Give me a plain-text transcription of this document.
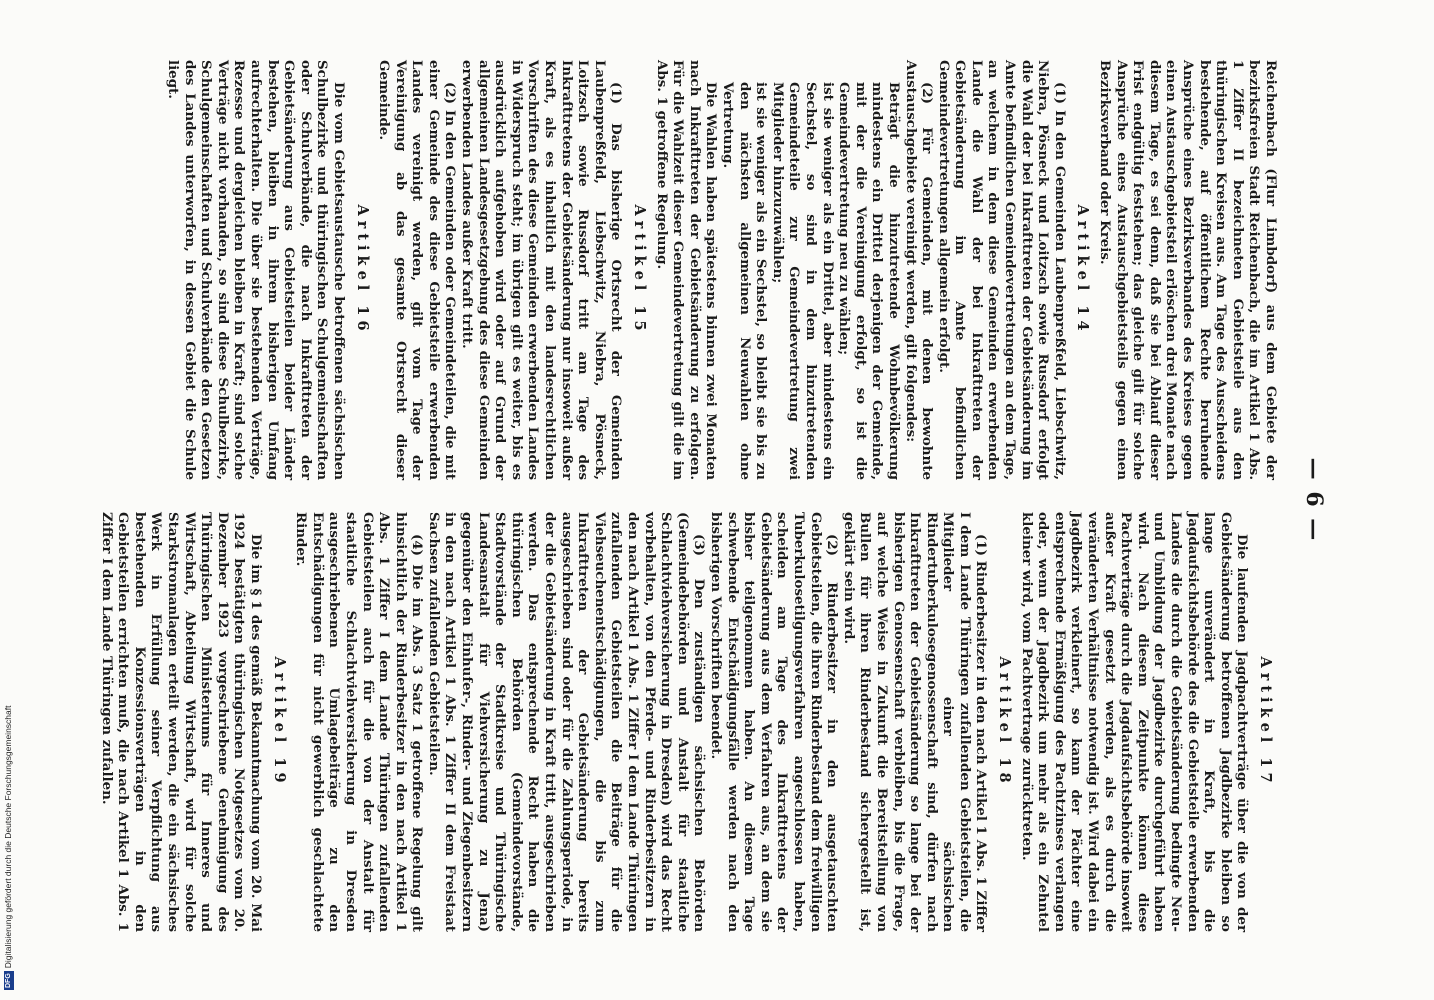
— 6 —

Reichenbach (Flur Limbdorf) aus dem Gebiete der bezirksfreien Stadt Reichenbach, die im Artikel 1 Abs. 1 Ziffer II bezeichneten Gebietsteile aus den thüringischen Kreisen aus. Am Tage des Ausscheidens bestehende, auf öffentlichem Rechte beruhende Ansprüche eines Bezirksverbandes des Kreises gegen einen Austauschgebietsteil erlöschen drei Monate nach diesem Tage, es sei denn, daß sie bei Ablauf dieser Frist endgültig feststehen; das gleiche gilt für solche Ansprüche eines Austauschgebietsteils gegen einen Bezirksverband oder Kreis.

Artikel 14

(1) In den Gemeinden Laubenpreßfeld, Liebschwitz, Niebra, Pösneck und Loitzsch sowie Russdorf erfolgt die Wahl der bei Inkrafttreten der Gebietsänderung im Amte befindlichen Gemeindevertretungen an dem Tage, an welchem in dem diese Gemeinden erwerbenden Lande die Wahl der bei Inkrafttreten der Gebietsänderung im Amte befindlichen Gemeindevertretungen allgemein erfolgt.

(2) Für Gemeinden, mit denen bewohnte Austauschgebiete vereinigt werden, gilt folgendes:

Beträgt die hinzutretende Wohnbevölkerung mindestens ein Drittel derjenigen der Gemeinde, mit der die Vereinigung erfolgt, so ist die Gemeindevertretung neu zu wählen;

ist sie weniger als ein Drittel, aber mindestens ein Sechstel, so sind in dem hinzutretenden Gemeindeteile zur Gemeindevertretung zwei Mitglieder hinzuzuwählen;

ist sie weniger als ein Sechstel, so bleibt sie bis zu den nächsten allgemeinen Neuwahlen ohne Vertretung.

Die Wahlen haben spätestens binnen zwei Monaten nach Inkrafttreten der Gebietsänderung zu erfolgen. Für die Wahlzeit dieser Gemeindevertretung gilt die im Abs. 1 getroffene Regelung.

Artikel 15

(1) Das bisherige Ortsrecht der Gemeinden Laubenpreßfeld, Liebschwitz, Niebra, Pösneck, Loitzsch sowie Russdorf tritt am Tage des Inkrafttretens der Gebietsänderung nur insoweit außer Kraft, als es inhaltlich mit den landesrechtlichen Vorschriften des diese Gemeinden erwerbenden Landes in Widerspruch steht; im übrigen gilt es weiter, bis es ausdrücklich aufgehoben wird oder auf Grund der allgemeinen Landesgesetzgebung des diese Gemeinden erwerbenden Landes außer Kraft tritt.

(2) In den Gemeinden oder Gemeindeteilen, die mit einer Gemeinde des diese Gebietsteile erwerbenden Landes vereinigt werden, gilt vom Tage der Vereinigung ab das gesamte Ortsrecht dieser Gemeinde.

Artikel 16

Die vom Gebietsaustausche betroffenen sächsischen Schulbezirke und thüringischen Schulgemeinschaften oder Schulverbände, die nach Inkrafttreten der Gebietsänderung aus Gebietsteilen beider Länder bestehen, bleiben in ihrem bisherigen Umfang aufrechterhalten. Die über sie bestehenden Verträge, Rezesse und dergleichen bleiben in Kraft; sind solche Verträge nicht vorhanden, so sind diese Schulbezirke, Schulgemeinschaften und Schulverbände den Gesetzen des Landes unterworfen, in dessen Gebiet die Schule liegt.

Artikel 17

Die laufenden Jagdpachtverträge über die von der Gebietsänderung betroffenen Jagdbezirke bleiben so lange unverändert in Kraft, bis die Jagdaufsichtsbehörde des die Gebietsteile erwerbenden Landes die durch die Gebietsänderung bedingte Neu- und Umbildung der Jagdbezirke durchgeführt haben wird. Nach diesem Zeitpunkte können diese Pachtverträge durch die Jagdaufsichtsbehörde insoweit außer Kraft gesetzt werden, als es durch die veränderten Verhältnisse notwendig ist. Wird dabei ein Jagdbezirk verkleinert, so kann der Pächter eine entsprechende Ermäßigung des Pachtzinses verlangen oder, wenn der Jagdbezirk um mehr als ein Zehntel kleiner wird, vom Pachtvertrage zurücktreten.

Artikel 18

(1) Rinderbesitzer in den nach Artikel 1 Abs. 1 Ziffer I dem Lande Thüringen zufallenden Gebietsteilen, die Mitglieder einer sächsischen Rindertuberkulosegenossenschaft sind, dürfen nach Inkrafttreten der Gebietsänderung so lange bei der bisherigen Genossenschaft verbleiben, bis die Frage, auf welche Weise in Zukunft die Bereitstellung von Bullen für ihren Rinderbestand sichergestellt ist, geklärt sein wird.

(2) Rinderbesitzer in den ausgetauschten Gebietsteilen, die ihren Rinderbestand dem freiwilligen Tuberkulosetilgungsverfahren angeschlossen haben, scheiden am Tage des Inkrafttretens der Gebietsänderung aus dem Verfahren aus, an dem sie bisher teilgenommen haben. An diesem Tage schwebende Entschädigungsfälle werden nach den bisherigen Vorschriften beendet.

(3) Den zuständigen sächsischen Behörden (Gemeindebehörden und Anstalt für staatliche Schlachtviehversicherung in Dresden) wird das Recht vorbehalten, von den Pferde- und Rinderbesitzern in den nach Artikel 1 Abs. 1 Ziffer I dem Lande Thüringen zufallenden Gebietsteilen die Beiträge für die Viehseuchenentschädigungen, die bis zum Inkrafttreten der Gebietsänderung bereits ausgeschrieben sind oder für die Zahlungsperiode, in der die Gebietsänderung in Kraft tritt, ausgeschrieben werden. Das entsprechende Recht haben die thüringischen Behörden (Gemeindevorstände, Stadtvorstände der Stadtkreise und Thüringische Landesanstalt für Viehversicherung zu Jena) gegenüber den Einhufer-, Rinder- und Ziegenbesitzern in den nach Artikel 1 Abs. 1 Ziffer II dem Freistaat Sachsen zufallenden Gebietsteilen.

(4) Die im Abs. 3 Satz 1 getroffene Regelung gilt hinsichtlich der Rinderbesitzer in den nach Artikel 1 Abs. 1 Ziffer I dem Lande Thüringen zufallenden Gebietsteilen auch für die von der Anstalt für staatliche Schlachtviehversicherung in Dresden ausgeschriebenen Umlagebeiträge zu den Entschädigungen für nicht gewerblich geschlachtete Rinder.

Artikel 19

Die im § 1 des gemäß Bekanntmachung vom 20. Mai 1924 bestätigten thüringischen Notgesetzes vom 20. Dezember 1923 vorgeschriebene Genehmigung des Thüringischen Ministeriums für Inneres und Wirtschaft, Abteilung Wirtschaft, wird für solche Starkstromanlagen erteilt werden, die ein sächsisches Werk in Erfüllung seiner Verpflichtung aus bestehenden Konzessionsverträgen in den Gebietsteilen errichten muß, die nach Artikel 1 Abs. 1 Ziffer I dem Lande Thüringen zufallen.

DFGDigitalisierung gefördert durch die Deutsche Forschungsgemeinschaft
